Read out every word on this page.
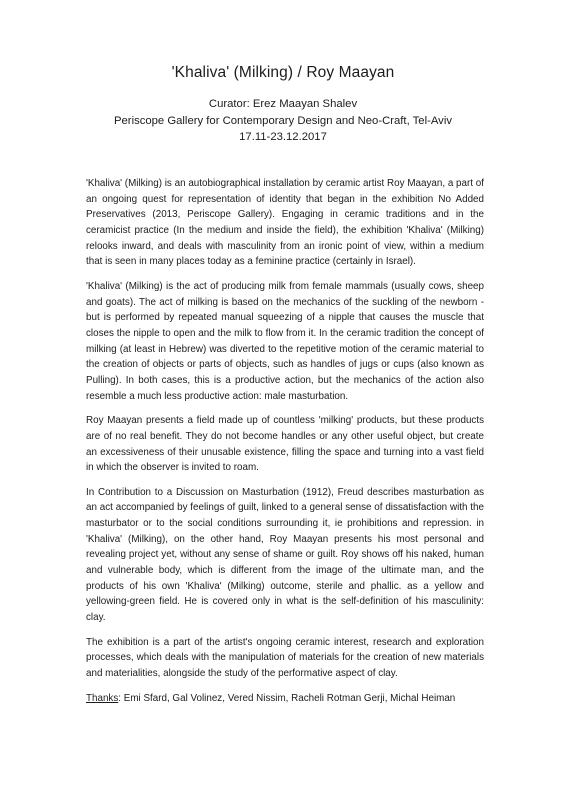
'Khaliva' (Milking) / Roy Maayan
Curator: Erez Maayan Shalev
Periscope Gallery for Contemporary Design and Neo-Craft, Tel-Aviv
17.11-23.12.2017

'Khaliva' (Milking) is an autobiographical installation by ceramic artist Roy Maayan, a part of an ongoing quest for representation of identity that began in the exhibition No Added Preservatives (2013, Periscope Gallery). Engaging in ceramic traditions and in the ceramicist practice (In the medium and inside the field), the exhibition 'Khaliva' (Milking) relooks inward, and deals with masculinity from an ironic point of view, within a medium that is seen in many places today as a feminine practice (certainly in Israel).

'Khaliva' (Milking) is the act of producing milk from female mammals (usually cows, sheep and goats). The act of milking is based on the mechanics of the suckling of the newborn - but is performed by repeated manual squeezing of a nipple that causes the muscle that closes the nipple to open and the milk to flow from it. In the ceramic tradition the concept of milking (at least in Hebrew) was diverted to the repetitive motion of the ceramic material to the creation of objects or parts of objects, such as handles of jugs or cups (also known as Pulling). In both cases, this is a productive action, but the mechanics of the action also resemble a much less productive action: male masturbation.

Roy Maayan presents a field made up of countless 'milking' products, but these products are of no real benefit. They do not become handles or any other useful object, but create an excessiveness of their unusable existence, filling the space and turning into a vast field in which the observer is invited to roam.

In Contribution to a Discussion on Masturbation (1912), Freud describes masturbation as an act accompanied by feelings of guilt, linked to a general sense of dissatisfaction with the masturbator or to the social conditions surrounding it, ie prohibitions and repression. in 'Khaliva' (Milking), on the other hand, Roy Maayan presents his most personal and revealing project yet, without any sense of shame or guilt. Roy shows off his naked, human and vulnerable body, which is different from the image of the ultimate man, and the products of his own 'Khaliva' (Milking) outcome, sterile and phallic. as a yellow and yellowing-green field. He is covered only in what is the self-definition of his masculinity: clay.

The exhibition is a part of the artist's ongoing ceramic interest, research and exploration processes, which deals with the manipulation of materials for the creation of new materials and materialities, alongside the study of the performative aspect of clay.

Thanks: Emi Sfard, Gal Volinez, Vered Nissim, Racheli Rotman Gerji, Michal Heiman
